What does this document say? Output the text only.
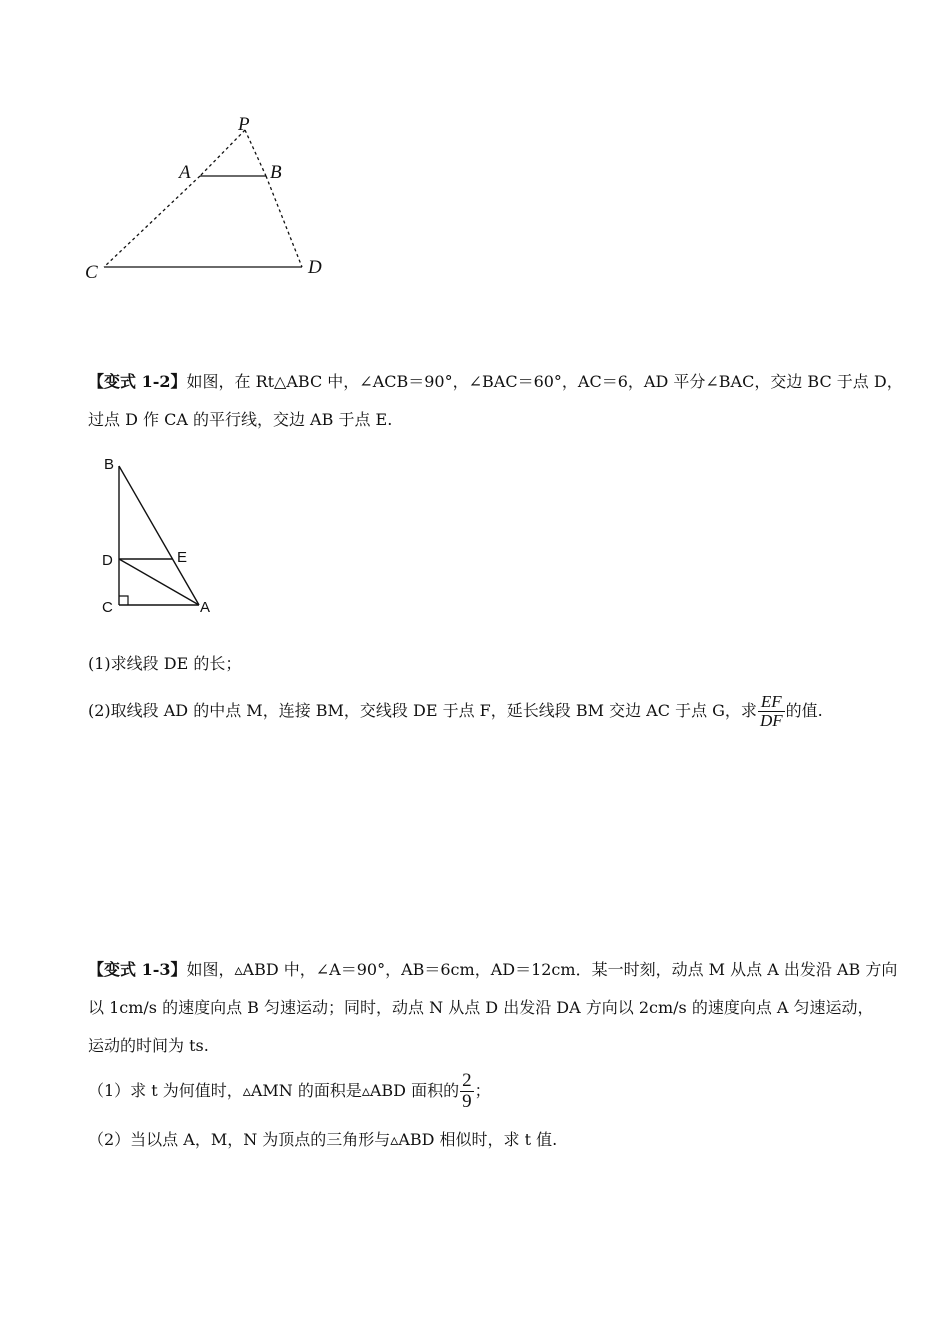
P
A	B
C	D
【变式 1-2】如图，在 Rt△ABC 中，∠ACB＝90°，∠BAC＝60°，AC＝6，AD 平分∠BAC，交边 BC 于点 D，
过点 D 作 CA 的平行线，交边 AB 于点 E.
B
D	E
C	A
(1)求线段 DE 的长；
(2)取线段 AD 的中点 M，连接 BM，交线段 DE 于点 F，延长线段 BM 交边 AC 于点 G，求 $\frac{EF}{DF}$ 的值.
【变式 1-3】如图，▵ABD 中，∠A＝90°，AB＝6cm，AD＝12cm．某一时刻，动点 M 从点 A 出发沿 AB 方向
以 1cm/s 的速度向点 B 匀速运动；同时，动点 N 从点 D 出发沿 DA 方向以 2cm/s 的速度向点 A 匀速运动，
运动的时间为 ts.
（1）求 t 为何值时，▵AMN 的面积是▵ABD 面积的 $\frac{2}{9}$ ；
（2）当以点 A，M，N 为顶点的三角形与▵ABD 相似时，求 t 值.
